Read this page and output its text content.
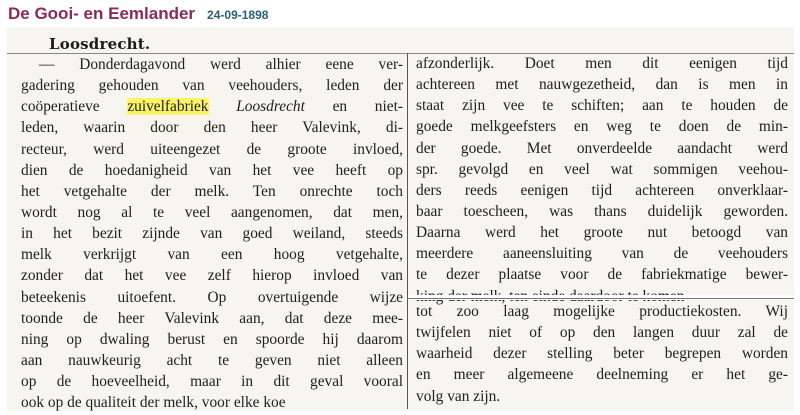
De Gooi- en Eemlander 24-09-1898
Loosdrecht.
— Donderdagavond werd alhier eene ver-
gadering gehouden van veehouders, leden der
coöperatieve zuivelfabriek Loosdrecht en niet-
leden, waarin door den heer Valevink, di-
recteur, werd uiteengezet de groote invloed,
dien de hoedanigheid van het vee heeft op
het vetgehalte der melk. Ten onrechte toch
wordt nog al te veel aangenomen, dat men,
in het bezit zijnde van goed weiland, steeds
melk verkrijgt van een hoog vetgehalte,
zonder dat het vee zelf hierop invloed van
beteekenis uitoefent. Op overtuigende wijze
toonde de heer Valevink aan, dat deze mee-
ning op dwaling berust en spoorde hij daarom
aan nauwkeurig acht te geven niet alleen
op de hoeveelheid, maar in dit geval vooral
ook op de qualiteit der melk, voor elke koe
afzonderlijk. Doet men dit eenigen tijd
achtereen met nauwgezetheid, dan is men in
staat zijn vee te schiften; aan te houden de
goede melkgeefsters en weg te doen de min-
der goede. Met onverdeelde aandacht werd
spr. gevolgd en veel wat sommigen veehou-
ders reeds eenigen tijd achtereen onverklaar-
baar toescheen, was thans duidelijk geworden.
Daarna werd het groote nut betoogd van
meerdere aaneensluiting van de veehouders
te dezer plaatse voor de fabriekmatige bewer-
tot zoo laag mogelijke productiekosten. Wij
twijfelen niet of op den langen duur zal de
waarheid dezer stelling beter begrepen worden
en meer algemeene deelneming er het ge-
volg van zijn.
